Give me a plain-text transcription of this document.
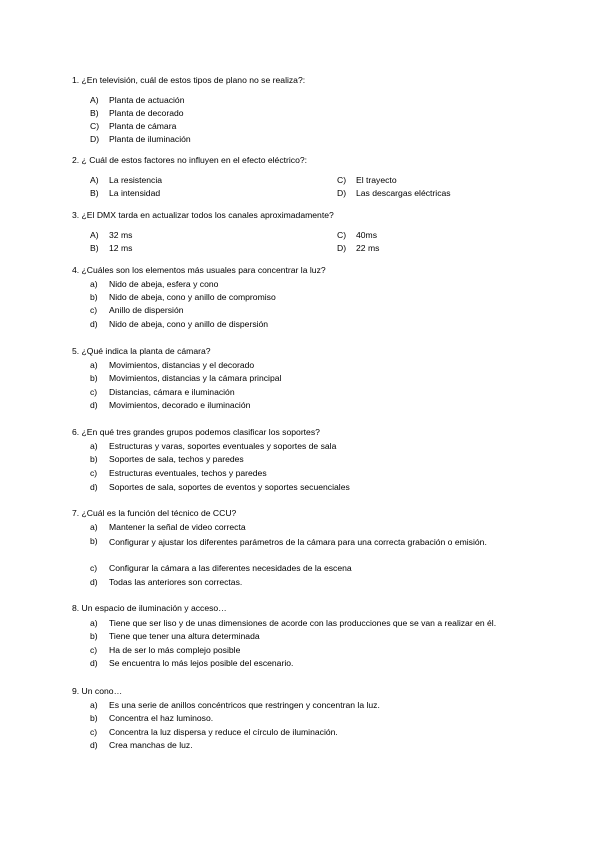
1. ¿En televisión, cuál de estos tipos de plano no se realiza?:
A) Planta de actuación
B) Planta de decorado
C) Planta de cámara
D) Planta de iluminación
2. ¿ Cuál de estos factores no influyen en el efecto eléctrico?:
A) La resistencia
B) La intensidad
C) El trayecto
D) Las descargas eléctricas
3. ¿El DMX tarda en actualizar todos los canales aproximadamente?
A) 32 ms
B) 12 ms
C) 40ms
D) 22 ms
4. ¿Cuáles son los elementos más usuales para concentrar la luz?
a) Nido de abeja, esfera y cono
b)Nido de abeja, cono y anillo de compromiso
c) Anillo de dispersión
d) Nido de abeja, cono y anillo de dispersión
5. ¿Qué indica la planta de cámara?
a) Movimientos, distancias y el decorado
b) Movimientos, distancias y la cámara principal
c) Distancias, cámara e iluminación
d) Movimientos, decorado e iluminación
6. ¿En qué tres grandes grupos podemos clasificar los soportes?
a) Estructuras y varas, soportes eventuales y soportes de sala
b) Soportes de sala, techos y paredes
c) Estructuras eventuales, techos y paredes
d) Soportes de sala, soportes de eventos y soportes secuenciales
7. ¿Cuál es la función del técnico de CCU?
a) Mantener la señal de video correcta
b) Configurar y ajustar los diferentes parámetros de la cámara para una correcta grabación o emisión.
c) Configurar la cámara a las diferentes necesidades de la escena
d)Todas las anteriores son correctas.
8. Un espacio de iluminación y acceso…
a) Tiene que ser liso y de unas dimensiones de acorde con las producciones que se van a realizar en él.
b) Tiene que tener una altura determinada
c) Ha de ser lo más complejo posible
d) Se encuentra lo más lejos posible del escenario.
9. Un cono…
a) Es una serie de anillos concéntricos que restringen y concentran la luz.
b) Concentra el haz luminoso.
c) Concentra la luz dispersa y reduce el círculo de iluminación.
d) Crea manchas de luz.
